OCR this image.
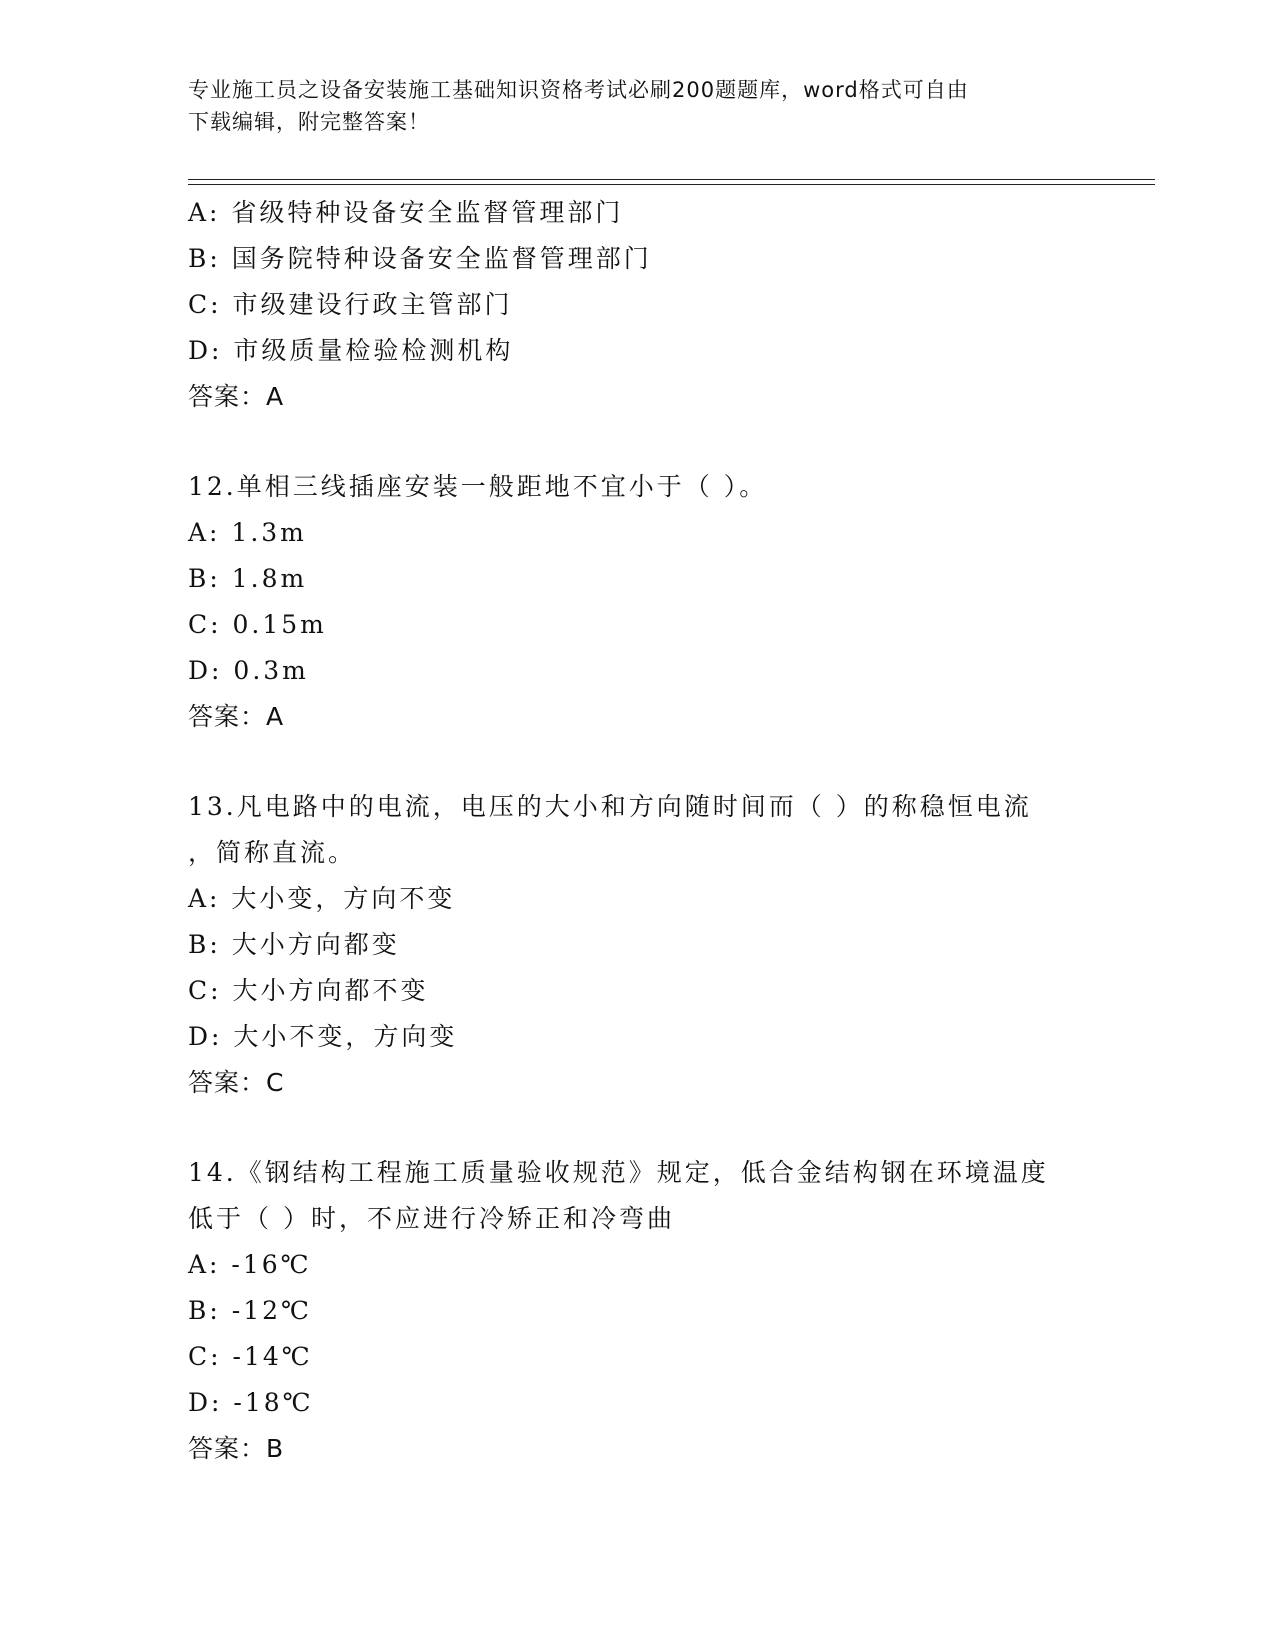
专业施工员之设备安装施工基础知识资格考试必刷200题题库，word格式可自由
下载编辑，附完整答案！
A: 省级特种设备安全监督管理部门
B: 国务院特种设备安全监督管理部门
C: 市级建设行政主管部门
D: 市级质量检验检测机构
答案：A
12.单相三线插座安装一般距地不宜小于（ ）。
A: 1.3m
B: 1.8m
C: 0.15m
D: 0.3m
答案：A
13.凡电路中的电流，电压的大小和方向随时间而（ ）的称稳恒电流
，简称直流。
A: 大小变，方向不变
B: 大小方向都变
C: 大小方向都不变
D: 大小不变，方向变
答案：C
14.《钢结构工程施工质量验收规范》规定，低合金结构钢在环境温度
低于（ ）时，不应进行冷矫正和冷弯曲
A: -16℃
B: -12℃
C: -14℃
D: -18℃
答案：B
